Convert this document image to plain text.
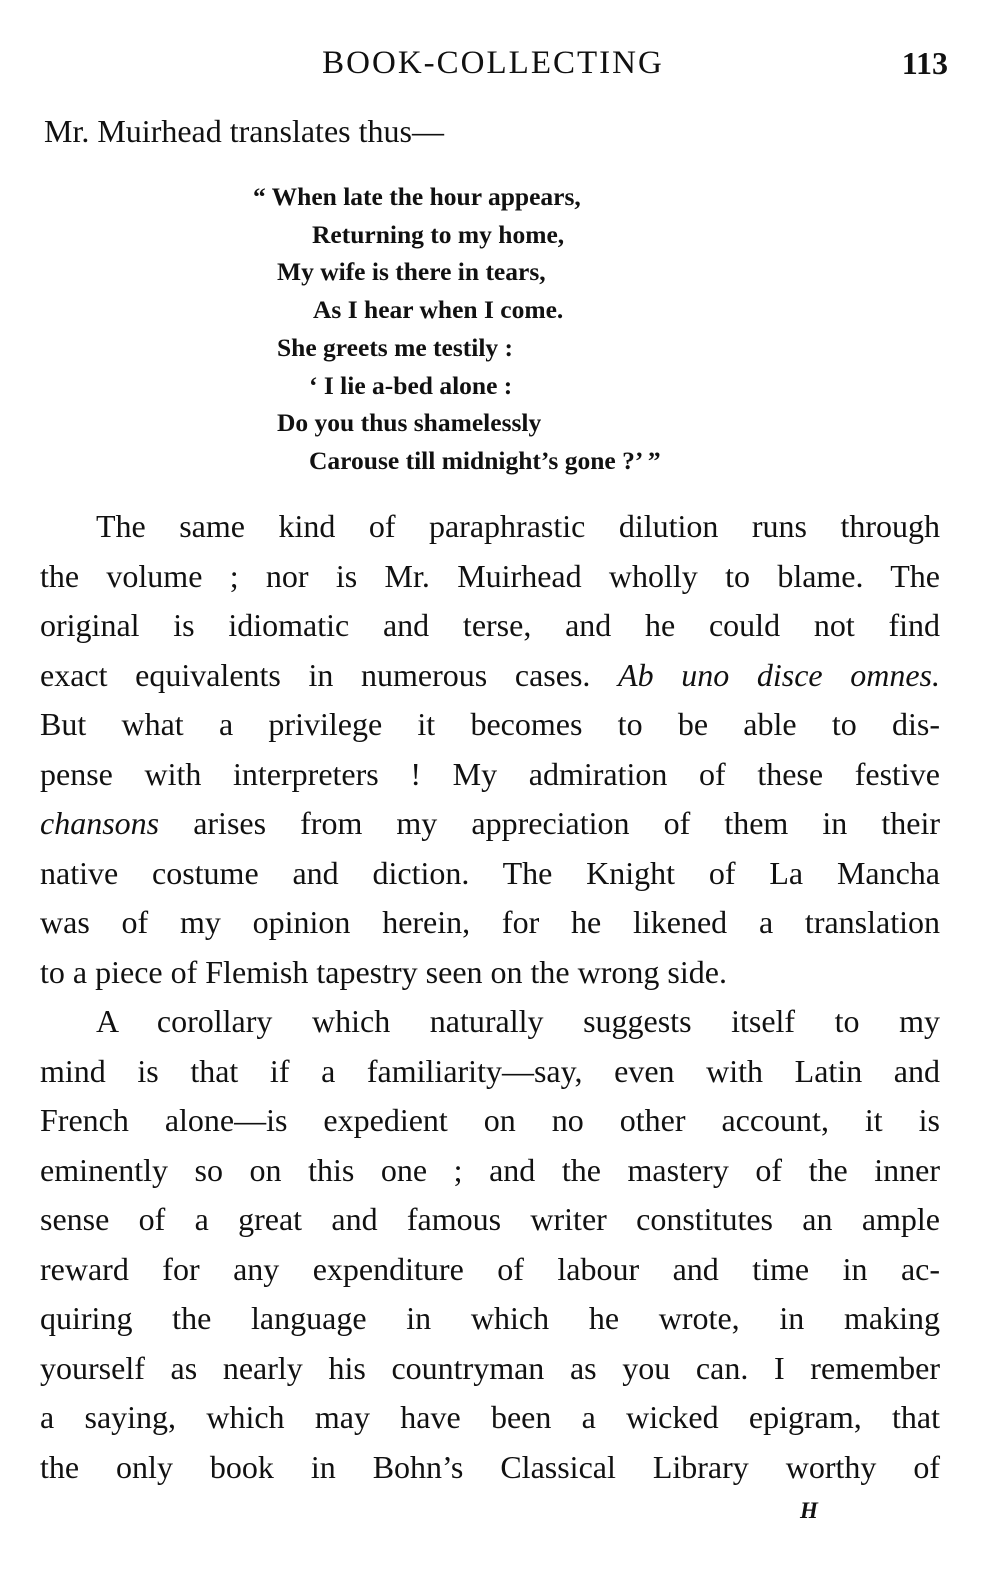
BOOK-COLLECTING	113
Mr. Muirhead translates thus—
“ When late the hour appears,
Returning to my home,
My wife is there in tears,
As I hear when I come.
She greets me testily :
‘ I lie a-bed alone :
Do you thus shamelessly
Carouse till midnight’s gone ?’ ”
The same kind of paraphrastic dilution runs through
the volume ; nor is Mr. Muirhead wholly to blame. The
original is idiomatic and terse, and he could not find
exact equivalents in numerous cases. Ab uno disce omnes.
But what a privilege it becomes to be able to dis-
pense with interpreters ! My admiration of these festive
chansons arises from my appreciation of them in their
native costume and diction. The Knight of La Mancha
was of my opinion herein, for he likened a translation
to a piece of Flemish tapestry seen on the wrong side.
A corollary which naturally suggests itself to my
mind is that if a familiarity—say, even with Latin and
French alone—is expedient on no other account, it is
eminently so on this one ; and the mastery of the inner
sense of a great and famous writer constitutes an ample
reward for any expenditure of labour and time in ac-
quiring the language in which he wrote, in making
yourself as nearly his countryman as you can. I remember
a saying, which may have been a wicked epigram, that
the only book in Bohn’s Classical Library worthy of
H
